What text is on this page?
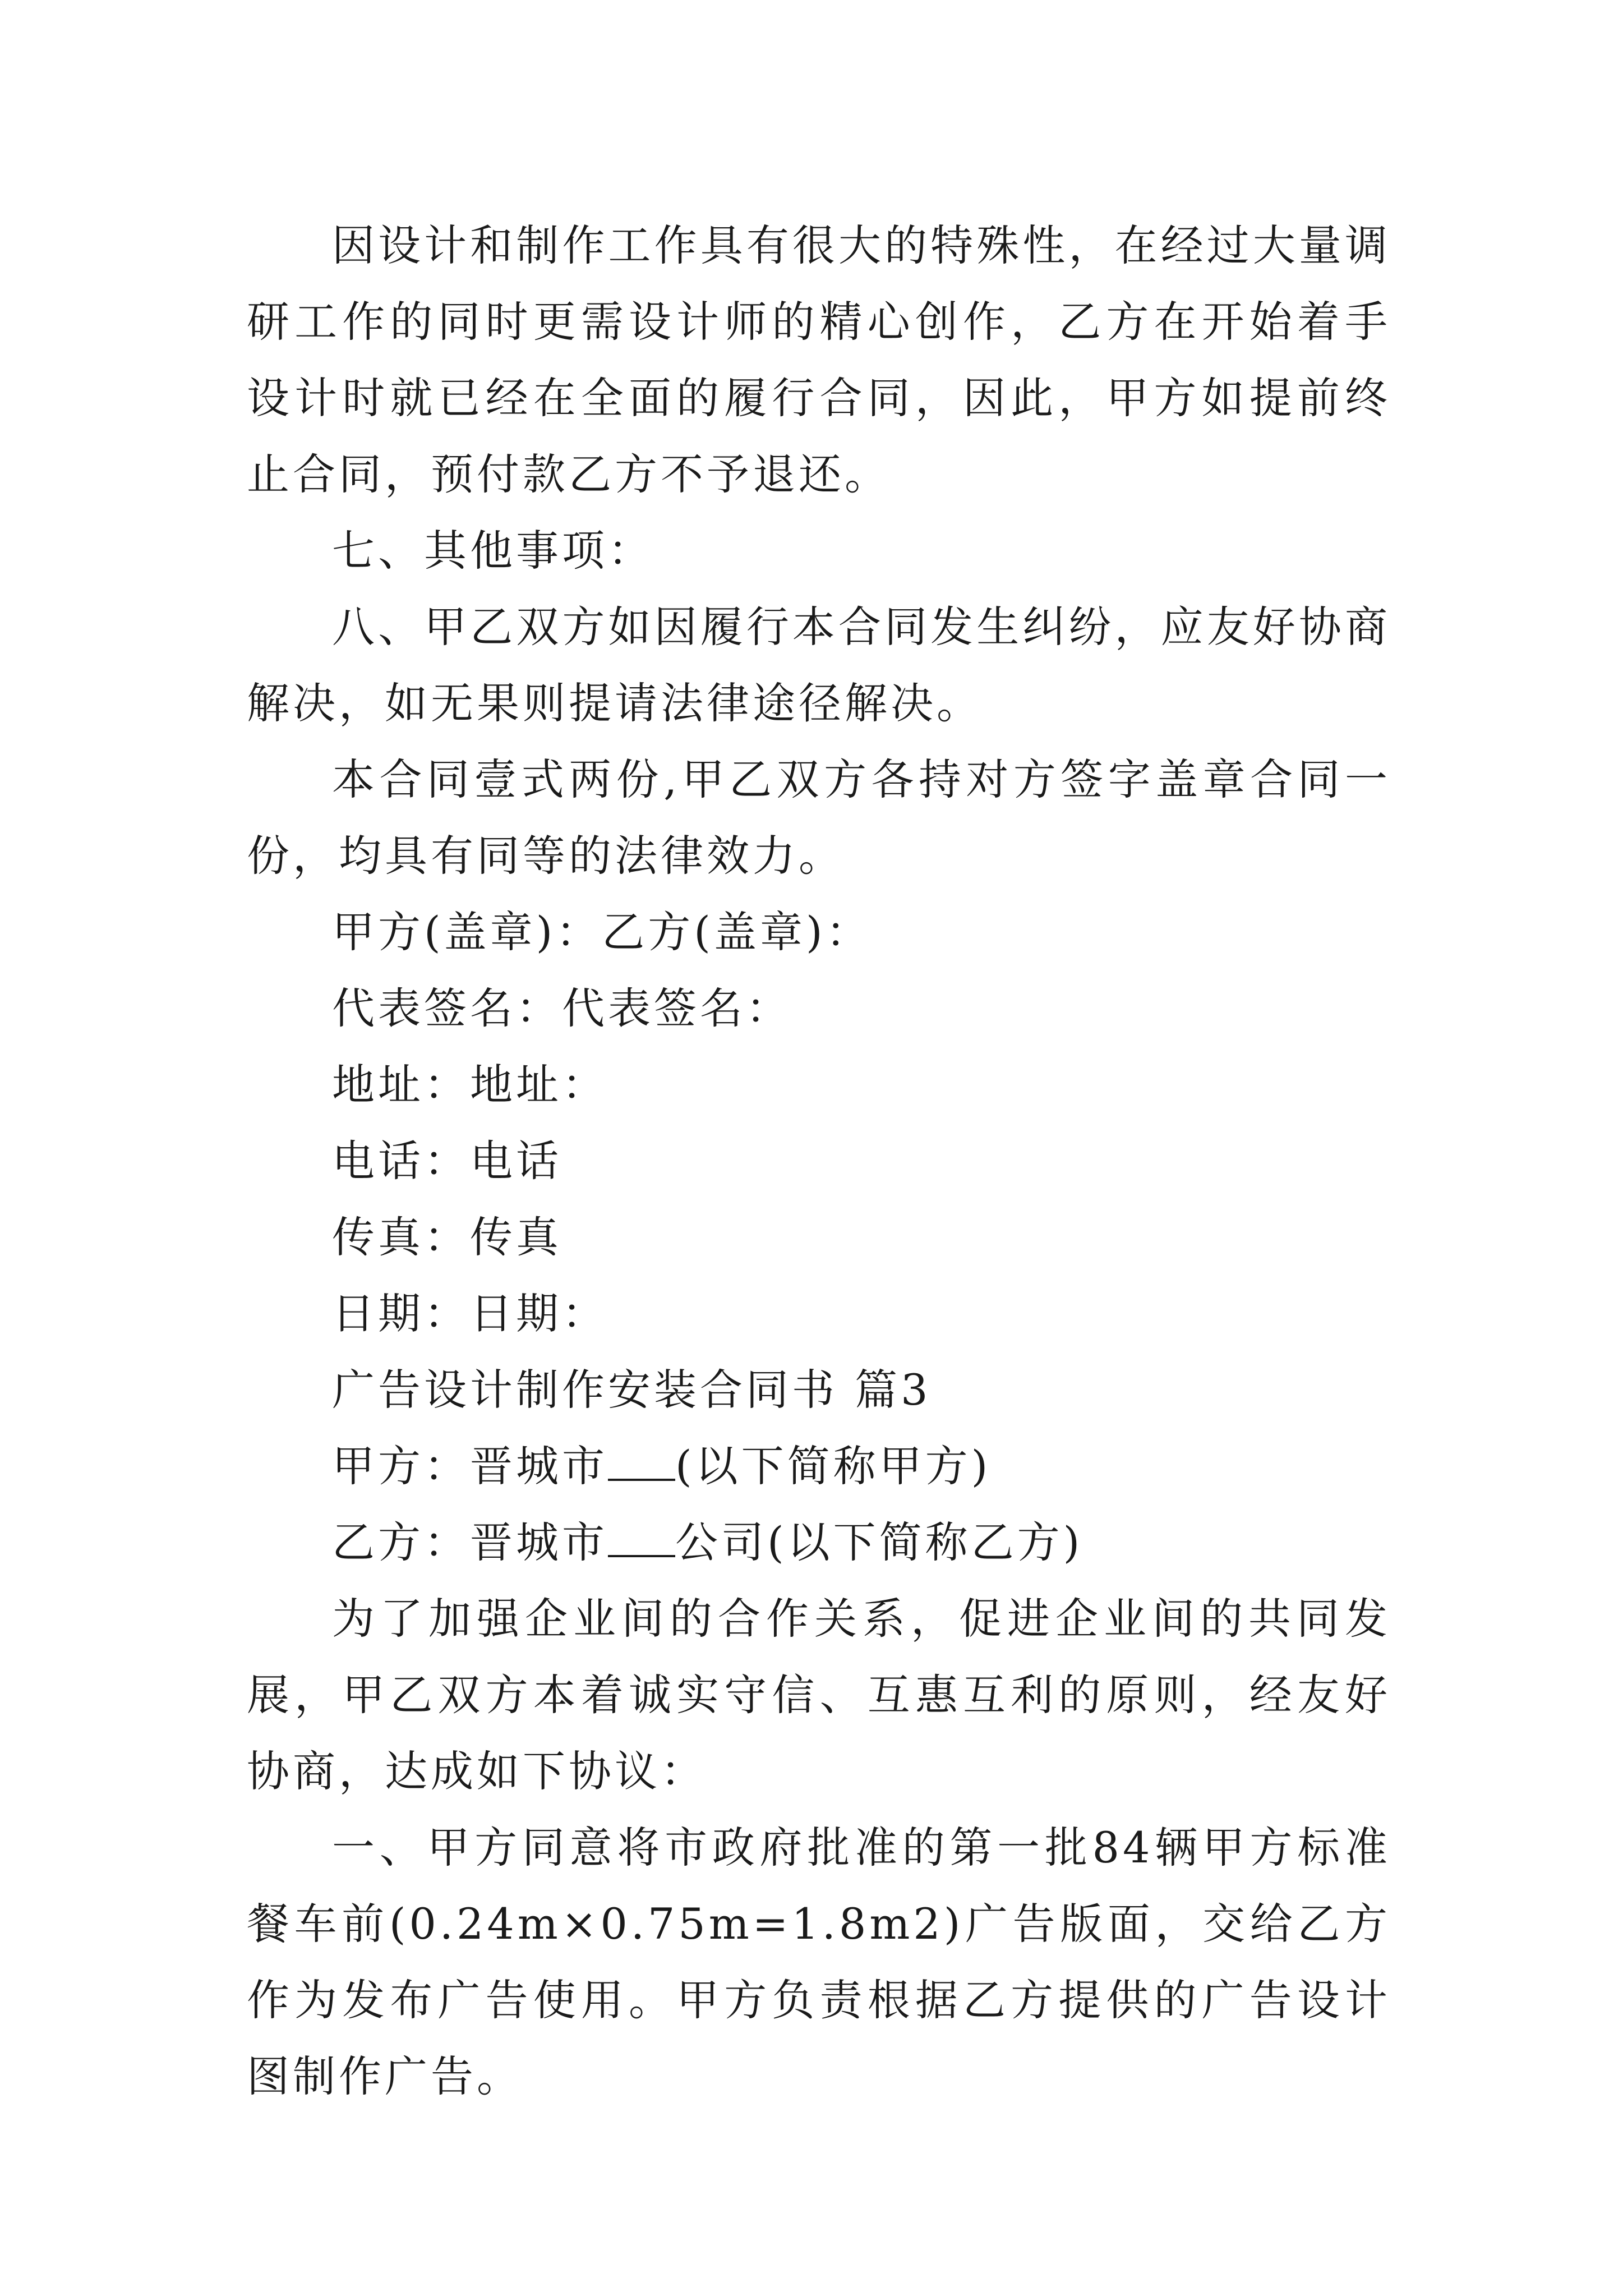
因设计和制作工作具有很大的特殊性，在经过大量调研工作的同时更需设计师的精心创作，乙方在开始着手设计时就已经在全面的履行合同，因此，甲方如提前终止合同，预付款乙方不予退还。

七、其他事项：

八、甲乙双方如因履行本合同发生纠纷，应友好协商解决，如无果则提请法律途径解决。

本合同壹式两份,甲乙双方各持对方签字盖章合同一份，均具有同等的法律效力。

甲方(盖章)：乙方(盖章)：

代表签名：代表签名：

地址：地址：

电话：电话

传真：传真

日期：日期：

广告设计制作安装合同书 篇3

甲方：晋城市 (以下简称甲方)

乙方：晋城市 公司(以下简称乙方)

为了加强企业间的合作关系，促进企业间的共同发展，甲乙双方本着诚实守信、互惠互利的原则，经友好协商，达成如下协议：

一、甲方同意将市政府批准的第一批84辆甲方标准餐车前(0.24m×0.75m=1.8m2)广告版面，交给乙方作为发布广告使用。甲方负责根据乙方提供的广告设计图制作广告。
